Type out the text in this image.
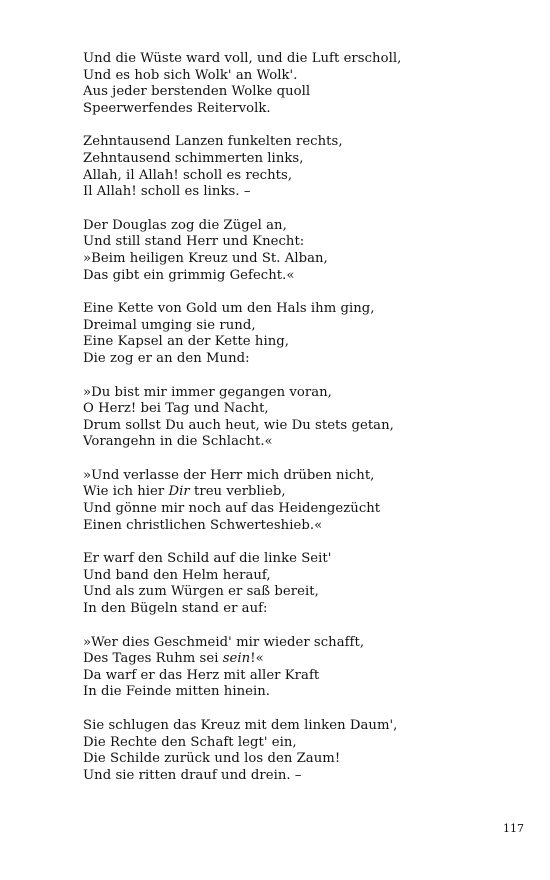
Und die Wüste ward voll, und die Luft erscholl,
Und es hob sich Wolk' an Wolk'.
Aus jeder berstenden Wolke quoll
Speerwerfendes Reitervolk.
Zehntausend Lanzen funkelten rechts,
Zehntausend schimmerten links,
Allah, il Allah! scholl es rechts,
Il Allah! scholl es links. –
Der Douglas zog die Zügel an,
Und still stand Herr und Knecht:
»Beim heiligen Kreuz und St. Alban,
Das gibt ein grimmig Gefecht.«
Eine Kette von Gold um den Hals ihm ging,
Dreimal umging sie rund,
Eine Kapsel an der Kette hing,
Die zog er an den Mund:
»Du bist mir immer gegangen voran,
O Herz! bei Tag und Nacht,
Drum sollst Du auch heut, wie Du stets getan,
Vorangehn in die Schlacht.«
»Und verlasse der Herr mich drüben nicht,
Wie ich hier Dir treu verblieb,
Und gönne mir noch auf das Heidengezücht
Einen christlichen Schwerteshieb.«
Er warf den Schild auf die linke Seit'
Und band den Helm herauf,
Und als zum Würgen er saß bereit,
In den Bügeln stand er auf:
»Wer dies Geschmeid' mir wieder schafft,
Des Tages Ruhm sei sein!«
Da warf er das Herz mit aller Kraft
In die Feinde mitten hinein.
Sie schlugen das Kreuz mit dem linken Daum',
Die Rechte den Schaft legt' ein,
Die Schilde zurück und los den Zaum!
Und sie ritten drauf und drein. –
117
